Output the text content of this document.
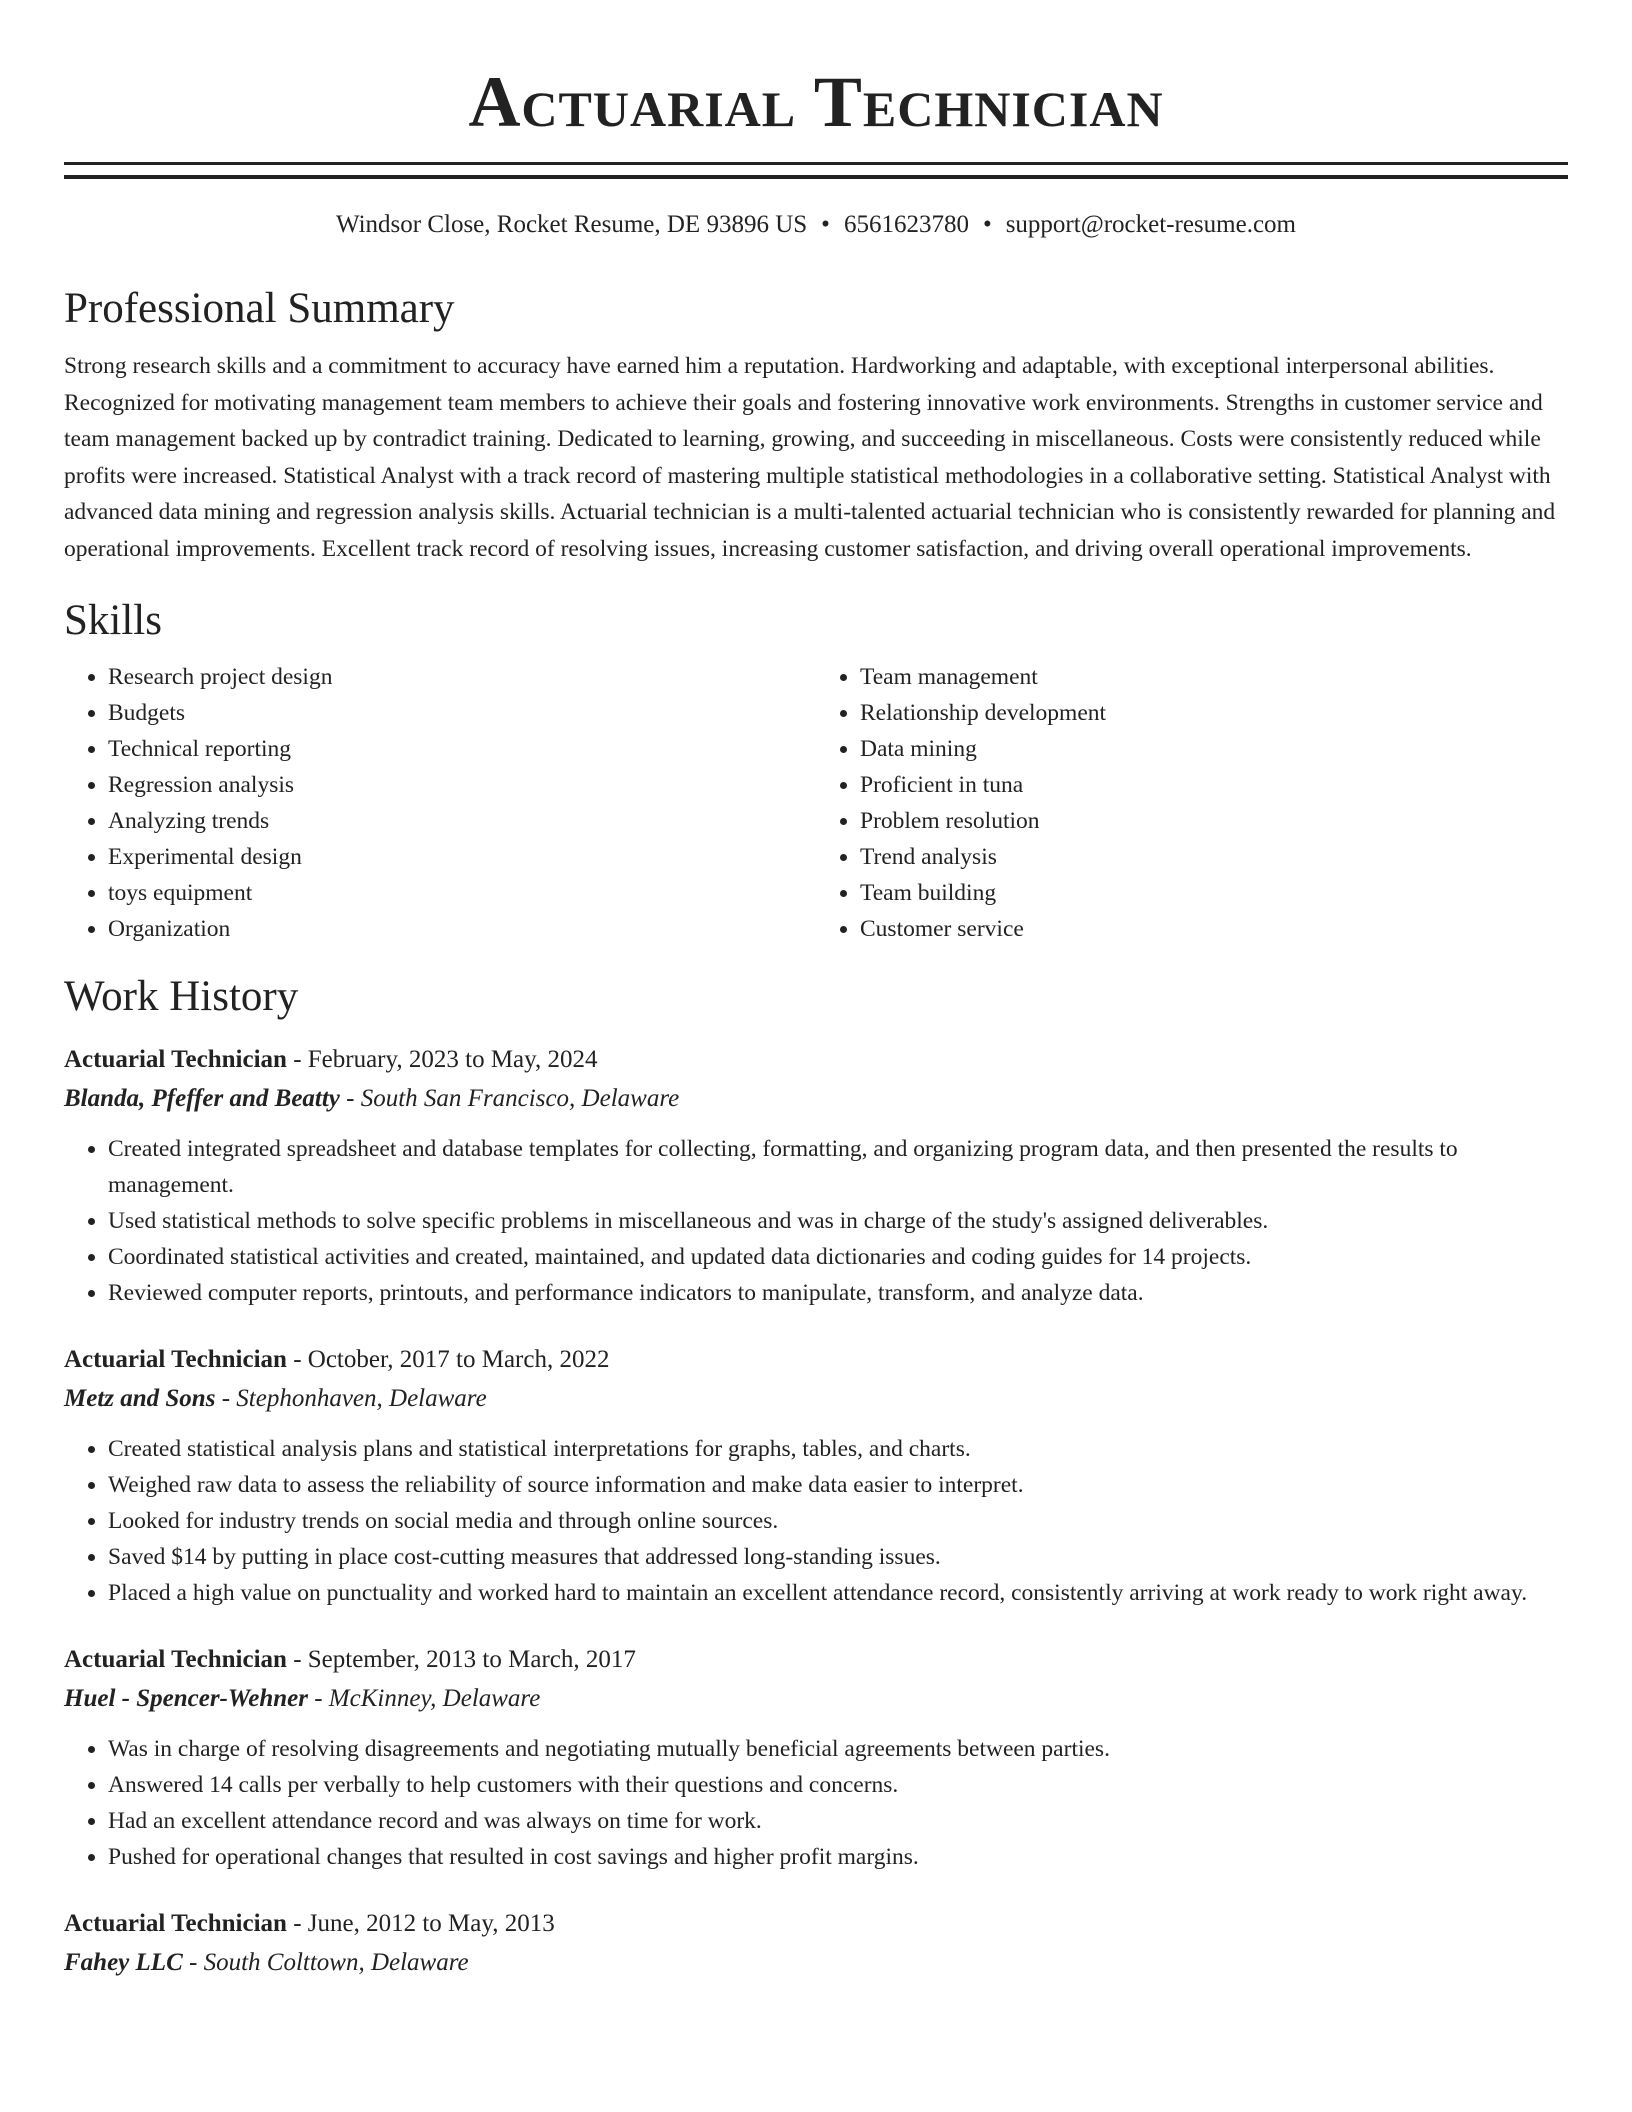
Actuarial Technician
Windsor Close, Rocket Resume, DE 93896 US • 6561623780 • support@rocket-resume.com
Professional Summary

Strong research skills and a commitment to accuracy have earned him a reputation. Hardworking and adaptable, with exceptional interpersonal abilities. Recognized for motivating management team members to achieve their goals and fostering innovative work environments. Strengths in customer service and team management backed up by contradict training. Dedicated to learning, growing, and succeeding in miscellaneous. Costs were consistently reduced while profits were increased. Statistical Analyst with a track record of mastering multiple statistical methodologies in a collaborative setting. Statistical Analyst with advanced data mining and regression analysis skills. Actuarial technician is a multi-talented actuarial technician who is consistently rewarded for planning and operational improvements. Excellent track record of resolving issues, increasing customer satisfaction, and driving overall operational improvements.

Skills
• Research project design
• Budgets
• Technical reporting
• Regression analysis
• Analyzing trends
• Experimental design
• toys equipment
• Organization
• Team management
• Relationship development
• Data mining
• Proficient in tuna
• Problem resolution
• Trend analysis
• Team building
• Customer service
Work History
Actuarial Technician - February, 2023 to May, 2024
Blanda, Pfeffer and Beatty - South San Francisco, Delaware
• Created integrated spreadsheet and database templates for collecting, formatting, and organizing program data, and then presented the results to management.
• Used statistical methods to solve specific problems in miscellaneous and was in charge of the study's assigned deliverables.
• Coordinated statistical activities and created, maintained, and updated data dictionaries and coding guides for 14 projects.
• Reviewed computer reports, printouts, and performance indicators to manipulate, transform, and analyze data.
Actuarial Technician - October, 2017 to March, 2022
Metz and Sons - Stephonhaven, Delaware
• Created statistical analysis plans and statistical interpretations for graphs, tables, and charts.
• Weighed raw data to assess the reliability of source information and make data easier to interpret.
• Looked for industry trends on social media and through online sources.
• Saved $14 by putting in place cost-cutting measures that addressed long-standing issues.
• Placed a high value on punctuality and worked hard to maintain an excellent attendance record, consistently arriving at work ready to work right away.
Actuarial Technician - September, 2013 to March, 2017
Huel - Spencer-Wehner - McKinney, Delaware
• Was in charge of resolving disagreements and negotiating mutually beneficial agreements between parties.
• Answered 14 calls per verbally to help customers with their questions and concerns.
• Had an excellent attendance record and was always on time for work.
• Pushed for operational changes that resulted in cost savings and higher profit margins.
Actuarial Technician - June, 2012 to May, 2013
Fahey LLC - South Colttown, Delaware
